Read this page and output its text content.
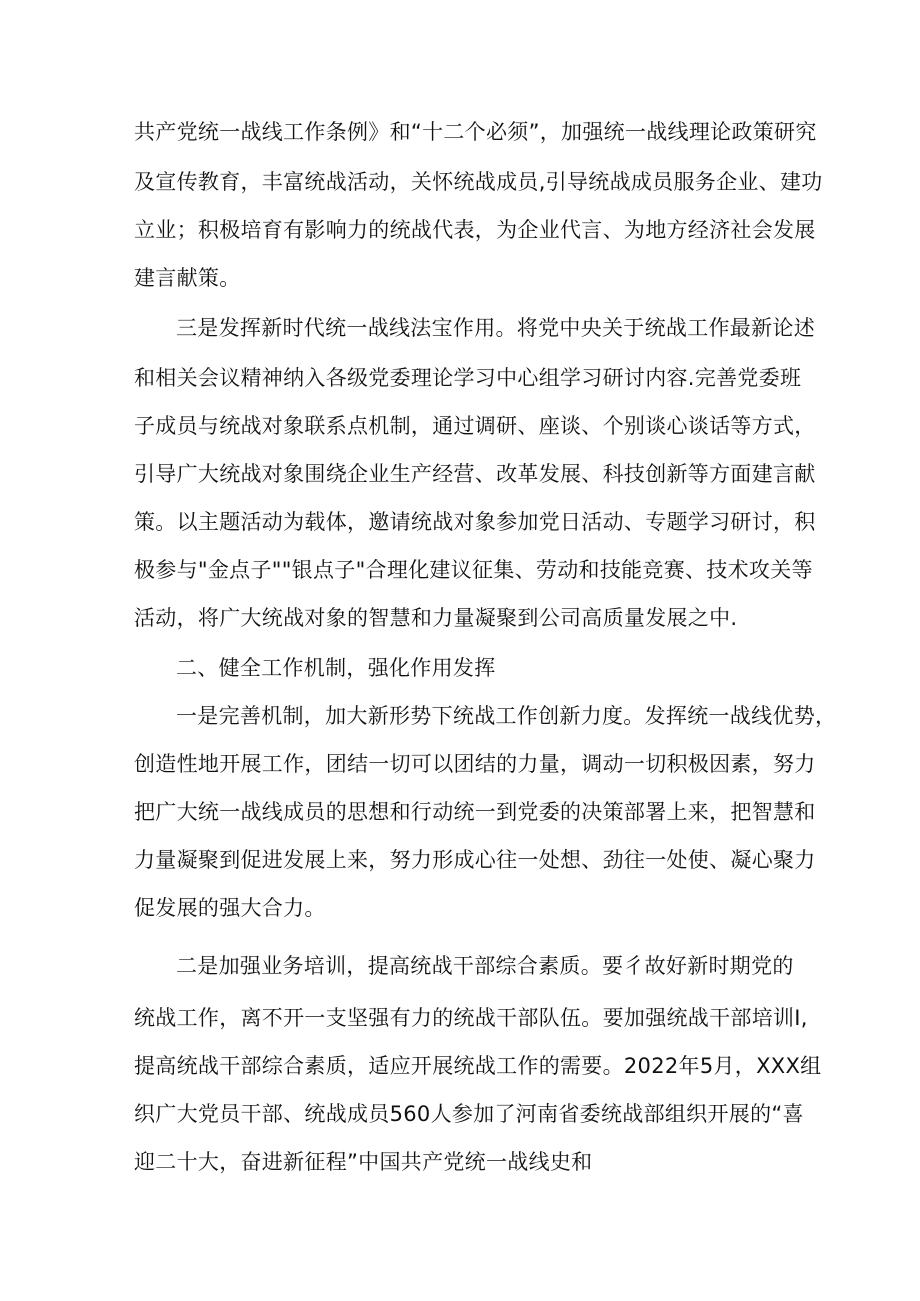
共产党统一战线工作条例》和“十二个必须”，加强统一战线理论政策研究
及宣传教育，丰富统战活动，关怀统战成员,引导统战成员服务企业、建功
立业；积极培育有影响力的统战代表，为企业代言、为地方经济社会发展
建言献策。
三是发挥新时代统一战线法宝作用。将党中央关于统战工作最新论述
和相关会议精神纳入各级党委理论学习中心组学习研讨内容.完善党委班
子成员与统战对象联系点机制，通过调研、座谈、个别谈心谈话等方式，
引导广大统战对象围绕企业生产经营、改革发展、科技创新等方面建言献
策。以主题活动为载体，邀请统战对象参加党日活动、专题学习研讨，积
极参与"金点子""银点子"合理化建议征集、劳动和技能竞赛、技术攻关等
活动，将广大统战对象的智慧和力量凝聚到公司高质量发展之中.
二、健全工作机制，强化作用发挥
一是完善机制，加大新形势下统战工作创新力度。发挥统一战线优势，
创造性地开展工作，团结一切可以团结的力量，调动一切积极因素，努力
把广大统一战线成员的思想和行动统一到党委的决策部署上来，把智慧和
力量凝聚到促进发展上来，努力形成心往一处想、劲往一处使、凝心聚力
促发展的强大合力。
二是加强业务培训，提高统战干部综合素质。要彳故好新时期党的
统战工作，离不开一支坚强有力的统战干部队伍。要加强统战干部培训I,
提高统战干部综合素质，适应开展统战工作的需要。2022年5月，XXX组
织广大党员干部、统战成员560人参加了河南省委统战部组织开展的“喜
迎二十大，奋进新征程”中国共产党统一战线史和
